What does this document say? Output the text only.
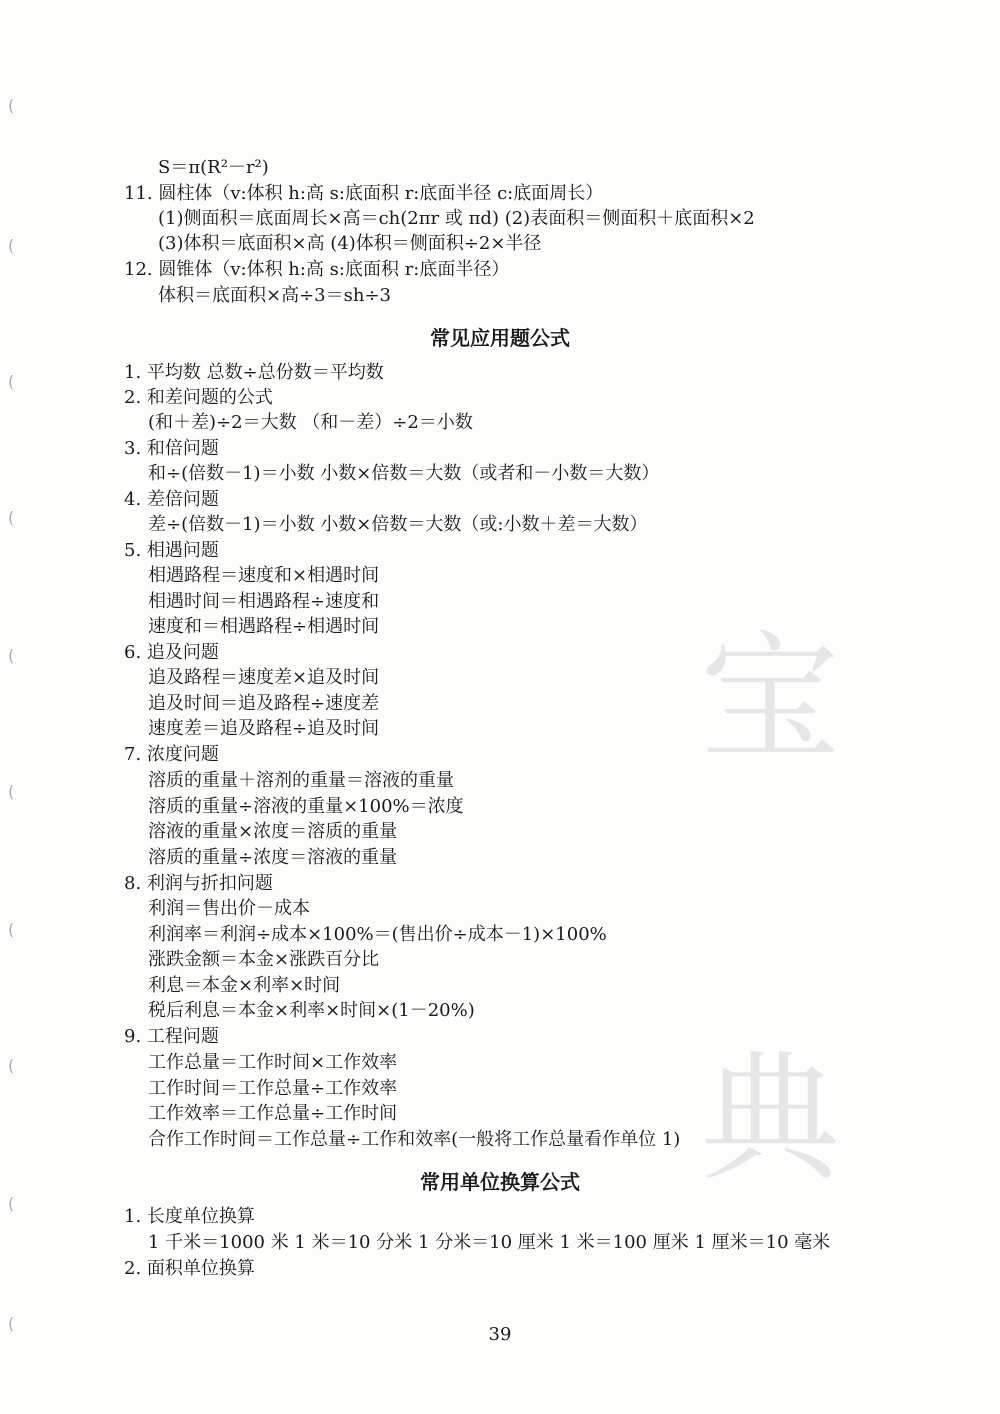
(
(
(
(
(
(
(
(
(
(
宝
典
S＝π(R²－r²)
11. 圆柱体（v:体积 h:高 s:底面积 r:底面半径 c:底面周长）
(1)侧面积＝底面周长×高＝ch(2πr 或 πd) (2)表面积＝侧面积＋底面积×2
(3)体积＝底面积×高 (4)体积＝侧面积÷2×半径
12. 圆锥体（v:体积 h:高 s:底面积 r:底面半径）
体积＝底面积×高÷3＝sh÷3
常见应用题公式
1. 平均数 总数÷总份数＝平均数
2. 和差问题的公式
(和＋差)÷2＝大数 （和－差）÷2＝小数
3. 和倍问题
和÷(倍数－1)＝小数 小数×倍数＝大数（或者和－小数＝大数）
4. 差倍问题
差÷(倍数－1)＝小数 小数×倍数＝大数（或:小数＋差＝大数）
5. 相遇问题
相遇路程＝速度和×相遇时间
相遇时间＝相遇路程÷速度和
速度和＝相遇路程÷相遇时间
6. 追及问题
追及路程＝速度差×追及时间
追及时间＝追及路程÷速度差
速度差＝追及路程÷追及时间
7. 浓度问题
溶质的重量＋溶剂的重量＝溶液的重量
溶质的重量÷溶液的重量×100%＝浓度
溶液的重量×浓度＝溶质的重量
溶质的重量÷浓度＝溶液的重量
8. 利润与折扣问题
利润＝售出价－成本
利润率＝利润÷成本×100%＝(售出价÷成本－1)×100%
涨跌金额＝本金×涨跌百分比
利息＝本金×利率×时间
税后利息＝本金×利率×时间×(1－20%)
9. 工程问题
工作总量＝工作时间×工作效率
工作时间＝工作总量÷工作效率
工作效率＝工作总量÷工作时间
合作工作时间＝工作总量÷工作和效率(一般将工作总量看作单位 1)
常用单位换算公式
1. 长度单位换算
1 千米＝1000 米 1 米＝10 分米 1 分米＝10 厘米 1 米＝100 厘米 1 厘米＝10 毫米
2. 面积单位换算
39
